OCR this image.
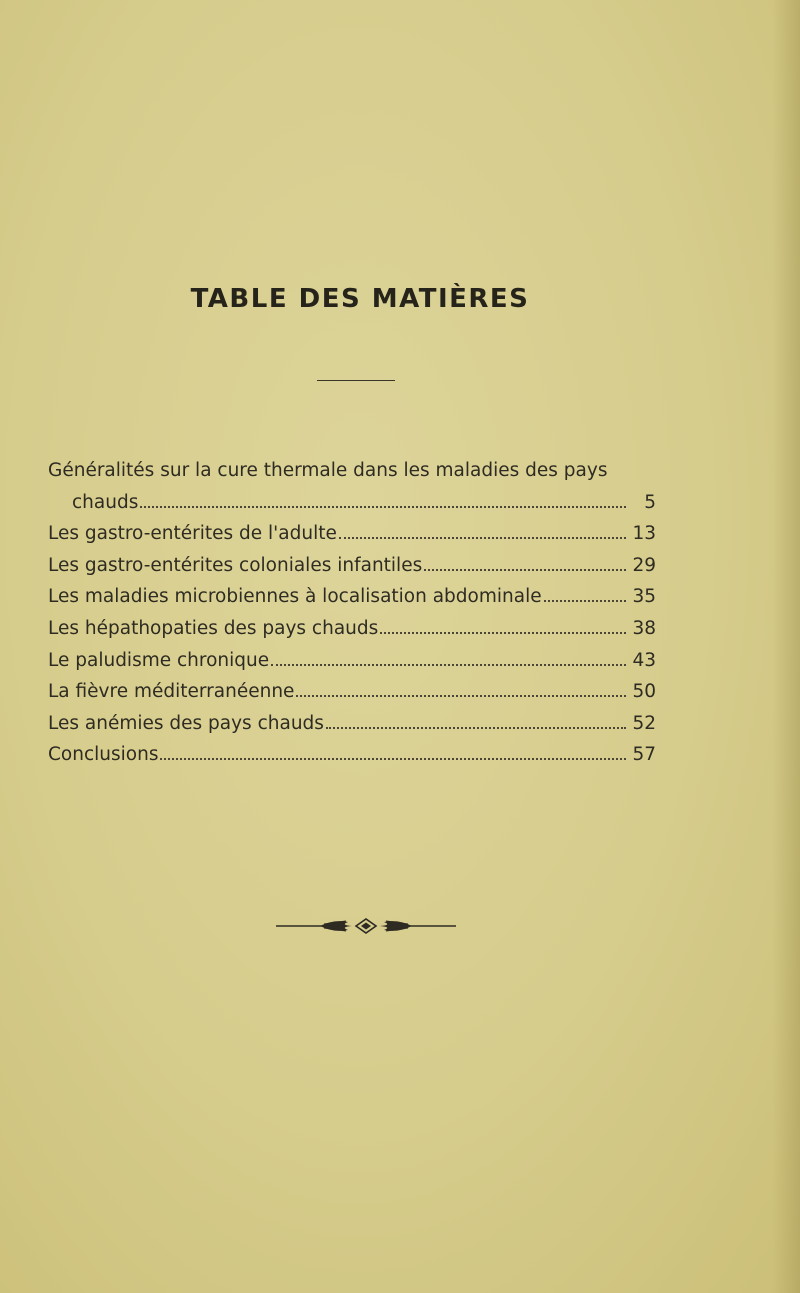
TABLE DES MATIÈRES
Généralités sur la cure thermale dans les maladies des pays
chauds	5
Les gastro-entérites de l'adulte	13
Les gastro-entérites coloniales infantiles	29
Les maladies microbiennes à localisation abdominale	35
Les hépathopaties des pays chauds	38
Le paludisme chronique	43
La fièvre méditerranéenne	50
Les anémies des pays chauds	52
Conclusions	57
